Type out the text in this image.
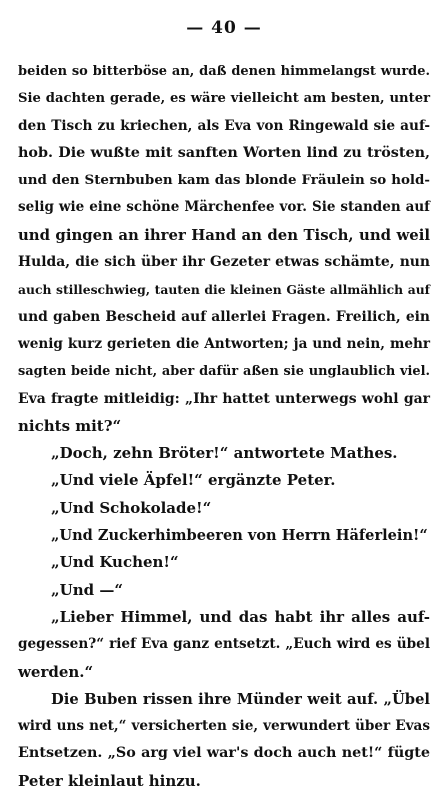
— 40 —
beiden so bitterböse an, daß denen himmelangst wurde.
Sie dachten gerade, es wäre vielleicht am besten, unter
den Tisch zu kriechen, als Eva von Ringewald sie auf-
hob. Die wußte mit sanften Worten lind zu trösten,
und den Sternbuben kam das blonde Fräulein so hold-
selig wie eine schöne Märchenfee vor. Sie standen auf
und gingen an ihrer Hand an den Tisch, und weil
Hulda, die sich über ihr Gezeter etwas schämte, nun
auch stilleschwieg, tauten die kleinen Gäste allmählich auf
und gaben Bescheid auf allerlei Fragen. Freilich, ein
wenig kurz gerieten die Antworten; ja und nein, mehr
sagten beide nicht, aber dafür aßen sie unglaublich viel.
Eva fragte mitleidig: „Ihr hattet unterwegs wohl gar
nichts mit?“
„Doch, zehn Bröter!“ antwortete Mathes.
„Und viele Äpfel!“ ergänzte Peter.
„Und Schokolade!“
„Und Zuckerhimbeeren von Herrn Häferlein!“
„Und Kuchen!“
„Und —“
„Lieber Himmel, und das habt ihr alles auf-
gegessen?“ rief Eva ganz entsetzt. „Euch wird es übel
werden.“
Die Buben rissen ihre Münder weit auf. „Übel
wird uns net,“ versicherten sie, verwundert über Evas
Entsetzen. „So arg viel war's doch auch net!“ fügte
Peter kleinlaut hinzu.
